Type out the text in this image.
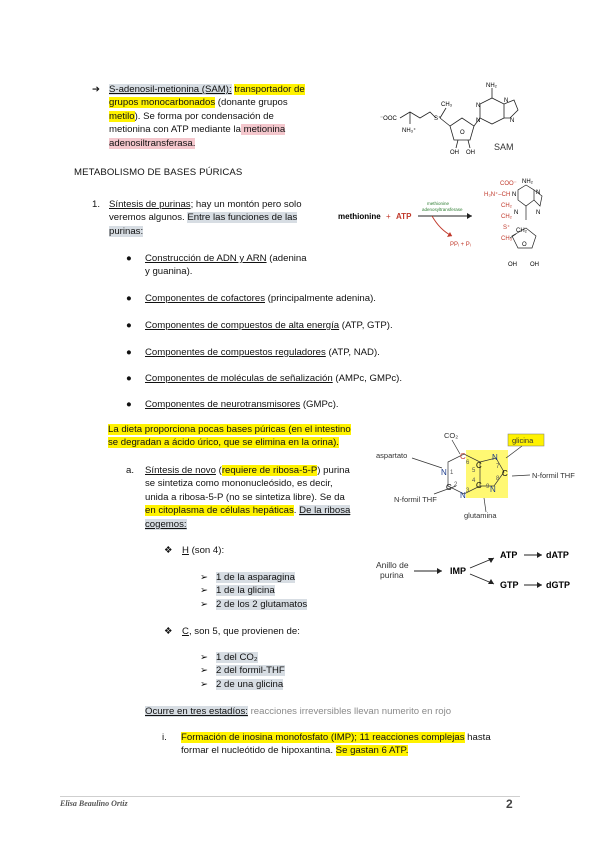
➔ S-adenosil-metionina (SAM): transportador de
grupos monocarbonados (donante grupos
metilo). Se forma por condensación de
metionina con ATP mediante la metionina
adenosiltransferasa.
NH₂
N
N
N	N
CH₃
S⁺
O
OH OH
⁻OOC
NH₃⁺
SAM
METABOLISMO DE BASES PÚRICAS
1. Síntesis de purinas; hay un montón pero solo
veremos algunos. Entre las funciones de las
purinas:
methionine + ATP
methionine
adenosyltransferase
PPᵢ + Pᵢ
COO⁻
H₃N⁺–CH
CH₂
CH₂
S⁺
CH₃
NH₂
N	N
N	N
CH₂
O
OH OH
● Construcción de ADN y ARN (adenina
y guanina).
● Componentes de cofactores (principalmente adenina).
● Componentes de compuestos de alta energía (ATP, GTP).
● Componentes de compuestos reguladores (ATP, NAD).
● Componentes de moléculas de señalización (AMPc, GMPc).
● Componentes de neurotransmisores (GMPc).
La dieta proporciona pocas bases púricas (en el intestino
se degradan a ácido úrico, que se elimina en la orina).	glicina
CO₂
aspartato
N-formil THF
N-formil THF
glutamina
N
C
C
N
C
C
N
N
C
1
2
3
4
5
6
7
8
9
a. Síntesis de novo (requiere de ribosa-5-P) purina
se sintetiza como mononucleósido, es decir,
unida a ribosa-5-P (no se sintetiza libre). Se da
en citoplasma de células hepáticas. De la ribosa
cogemos:
Anillo de
purina	IMP
ATP	dATP
GTP	dGTP
❖ H (son 4):
➢ 1 de la asparagina
➢ 1 de la glicina
➢ 2 de los 2 glutamatos
❖ C, son 5, que provienen de:
➢ 1 del CO₂
➢ 2 del formil-THF
➢ 2 de una glicina
Ocurre en tres estadíos: reacciones irreversibles llevan numerito en rojo
i. Formación de inosina monofosfato (IMP); 11 reacciones complejas hasta
formar el nucleótido de hipoxantina. Se gastan 6 ATP.
Elisa Beaulino Ortiz	2
